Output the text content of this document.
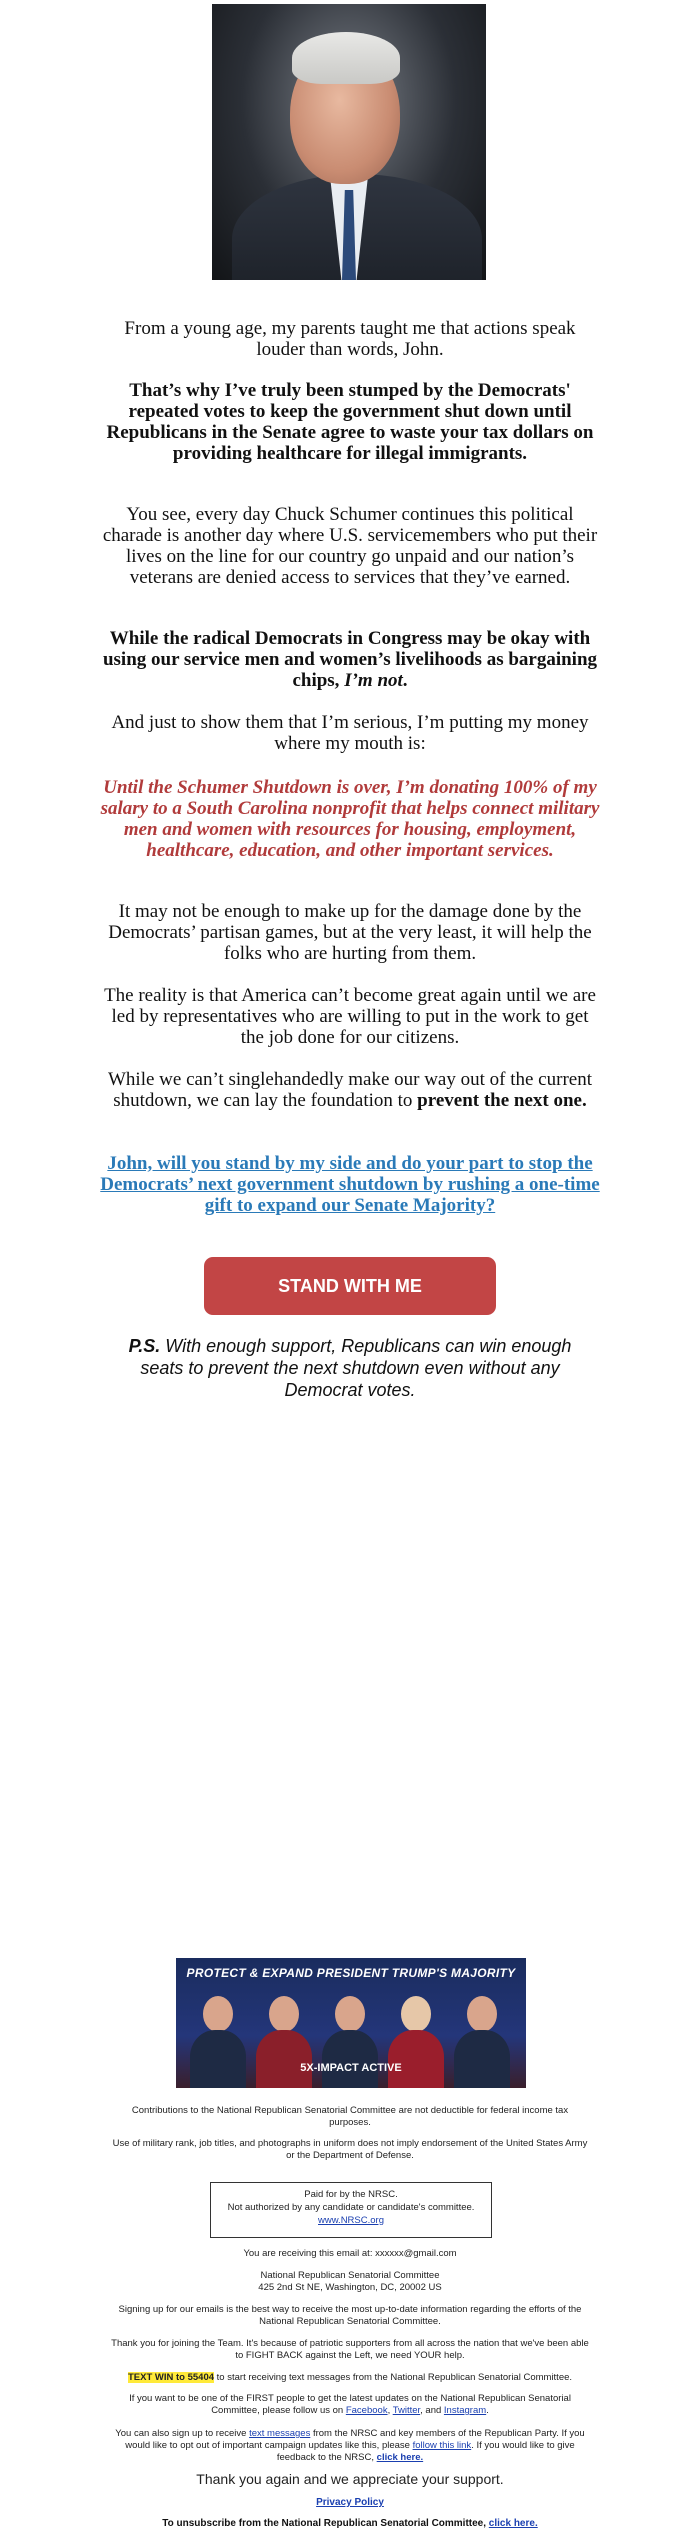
From a young age, my parents taught me that actions speak louder than words, John.

That’s why I’ve truly been stumped by the Democrats' repeated votes to keep the government shut down until Republicans in the Senate agree to waste your tax dollars on providing healthcare for illegal immigrants.

You see, every day Chuck Schumer continues this political charade is another day where U.S. servicemembers who put their lives on the line for our country go unpaid and our nation’s veterans are denied access to services that they’ve earned.

While the radical Democrats in Congress may be okay with using our service men and women’s livelihoods as bargaining chips, I’m not.

And just to show them that I’m serious, I’m putting my money where my mouth is:

Until the Schumer Shutdown is over, I’m donating 100% of my salary to a South Carolina nonprofit that helps connect military men and women with resources for housing, employment, healthcare, education, and other important services.

It may not be enough to make up for the damage done by the Democrats’ partisan games, but at the very least, it will help the folks who are hurting from them.

The reality is that America can’t become great again until we are led by representatives who are willing to put in the work to get the job done for our citizens.

While we can’t singlehandedly make our way out of the current shutdown, we can lay the foundation to prevent the next one.

John, will you stand by my side and do your part to stop the Democrats’ next government shutdown by rushing a one-time gift to expand our Senate Majority?

STAND WITH ME
P.S. With enough support, Republicans can win enough seats to prevent the next shutdown even without any Democrat votes.
PROTECT & EXPAND PRESIDENT TRUMP'S MAJORITY
5X-IMPACT ACTIVE
Contributions to the National Republican Senatorial Committee are not deductible for federal income tax purposes.
Use of military rank, job titles, and photographs in uniform does not imply endorsement of the United States Army or the Department of Defense.
Paid for by the NRSC.
Not authorized by any candidate or candidate's committee.
www.NRSC.org
You are receiving this email at: xxxxxx@gmail.com
National Republican Senatorial Committee
425 2nd St NE, Washington, DC, 20002 US
Signing up for our emails is the best way to receive the most up-to-date information regarding the efforts of the National Republican Senatorial Committee.
Thank you for joining the Team. It's because of patriotic supporters from all across the nation that we've been able to FIGHT BACK against the Left, we need YOUR help.
TEXT WIN to 55404 to start receiving text messages from the National Republican Senatorial Committee.
If you want to be one of the FIRST people to get the latest updates on the National Republican Senatorial Committee, please follow us on Facebook, Twitter, and Instagram.
You can also sign up to receive text messages from the NRSC and key members of the Republican Party. If you would like to opt out of important campaign updates like this, please follow this link. If you would like to give feedback to the NRSC, click here.
Thank you again and we appreciate your support.
Privacy Policy
To unsubscribe from the National Republican Senatorial Committee, click here.
